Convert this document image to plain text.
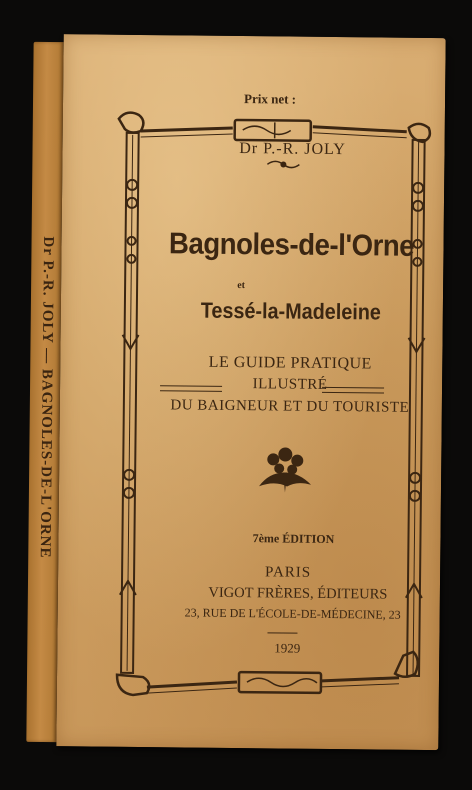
Dr P.-R. JOLY — BAGNOLES-DE-L'ORNE
Prix net :
Dr P.-R. JOLY
Bagnoles-de-l'Orne
et
Tessé-la-Madeleine
LE GUIDE PRATIQUE
ILLUSTRÉ
DU BAIGNEUR ET DU TOURISTE
7ème ÉDITION
PARIS
VIGOT FRÈRES, ÉDITEURS
23, RUE DE L'ÉCOLE-DE-MÉDECINE, 23
1929
